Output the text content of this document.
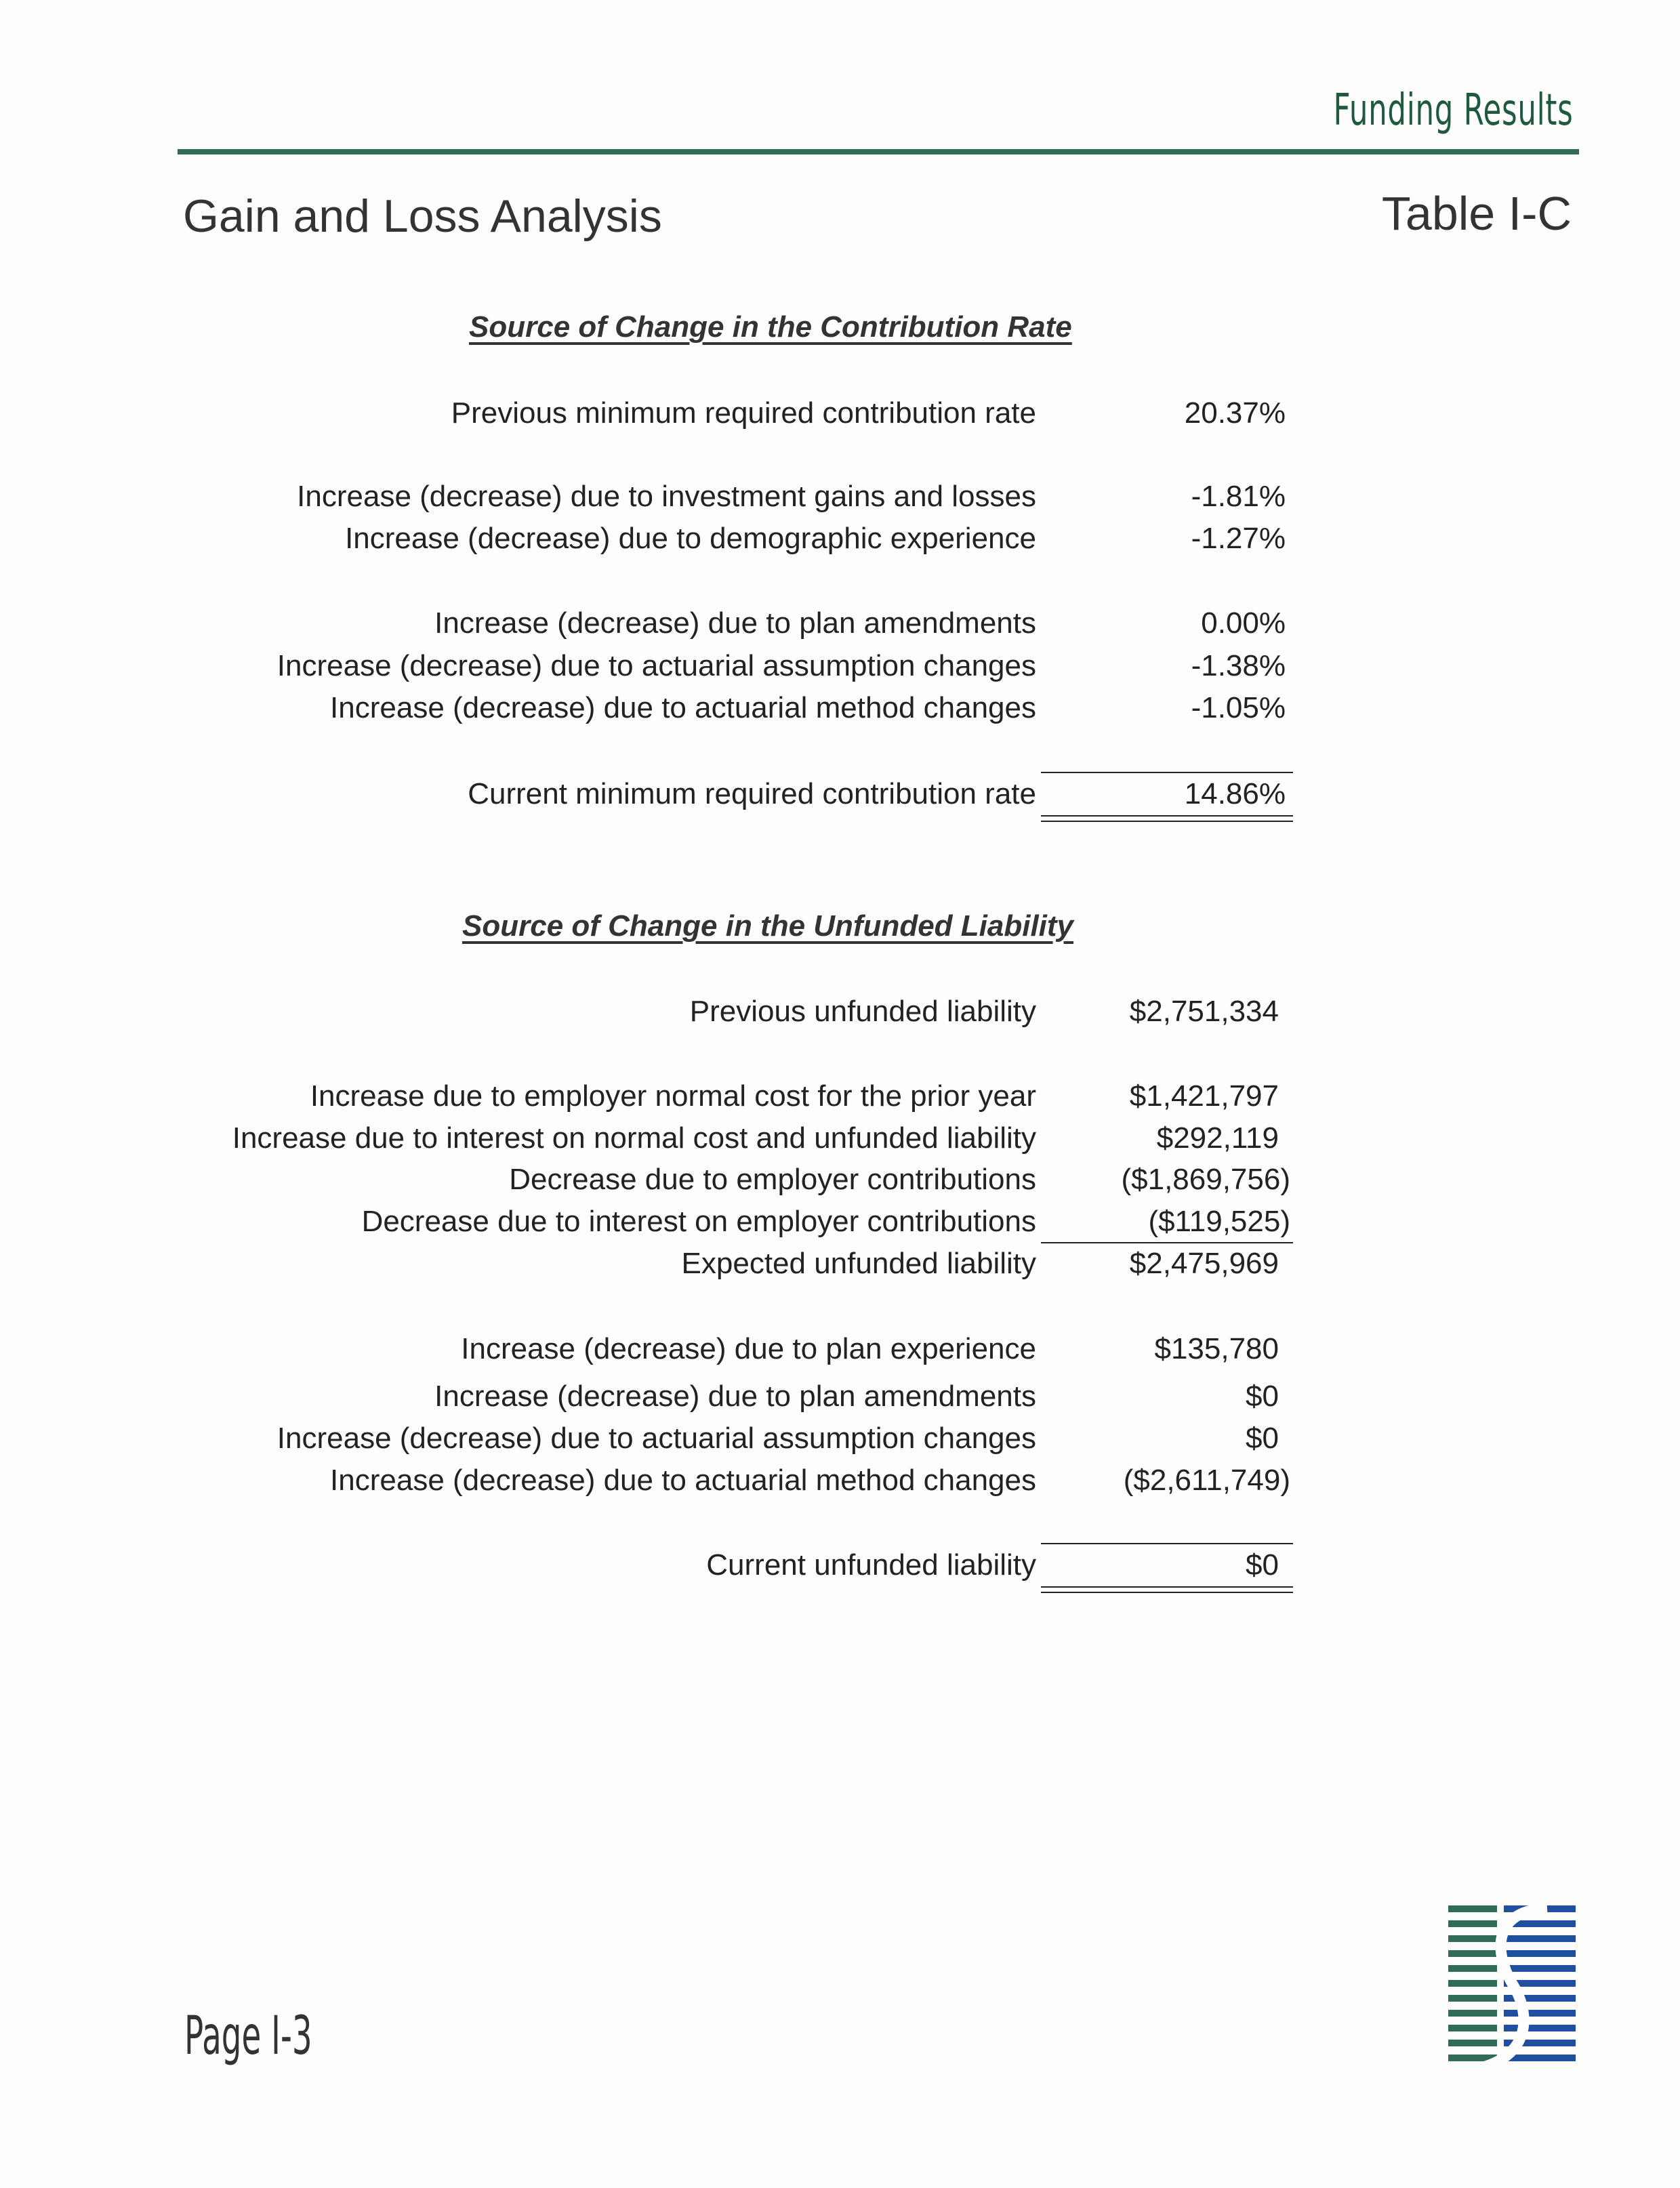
Funding Results
Gain and Loss Analysis	Table I-C
Source of Change in the Contribution Rate
Previous minimum required contribution rate	20.37%
Increase (decrease) due to investment gains and losses	-1.81%
Increase (decrease) due to demographic experience	-1.27%
Increase (decrease) due to plan amendments	0.00%
Increase (decrease) due to actuarial assumption changes	-1.38%
Increase (decrease) due to actuarial method changes	-1.05%
Current minimum required contribution rate	14.86%
Source of Change in the Unfunded Liability
Previous unfunded liability	$2,751,334
Increase due to employer normal cost for the prior year	$1,421,797
Increase due to interest on normal cost and unfunded liability	$292,119
Decrease due to employer contributions	($1,869,756)
Decrease due to interest on employer contributions	($119,525)
Expected unfunded liability	$2,475,969
Increase (decrease) due to plan experience	$135,780
Increase (decrease) due to plan amendments	$0
Increase (decrease) due to actuarial assumption changes	$0
Increase (decrease) due to actuarial method changes	($2,611,749)
Current unfunded liability	$0
Page I-3
